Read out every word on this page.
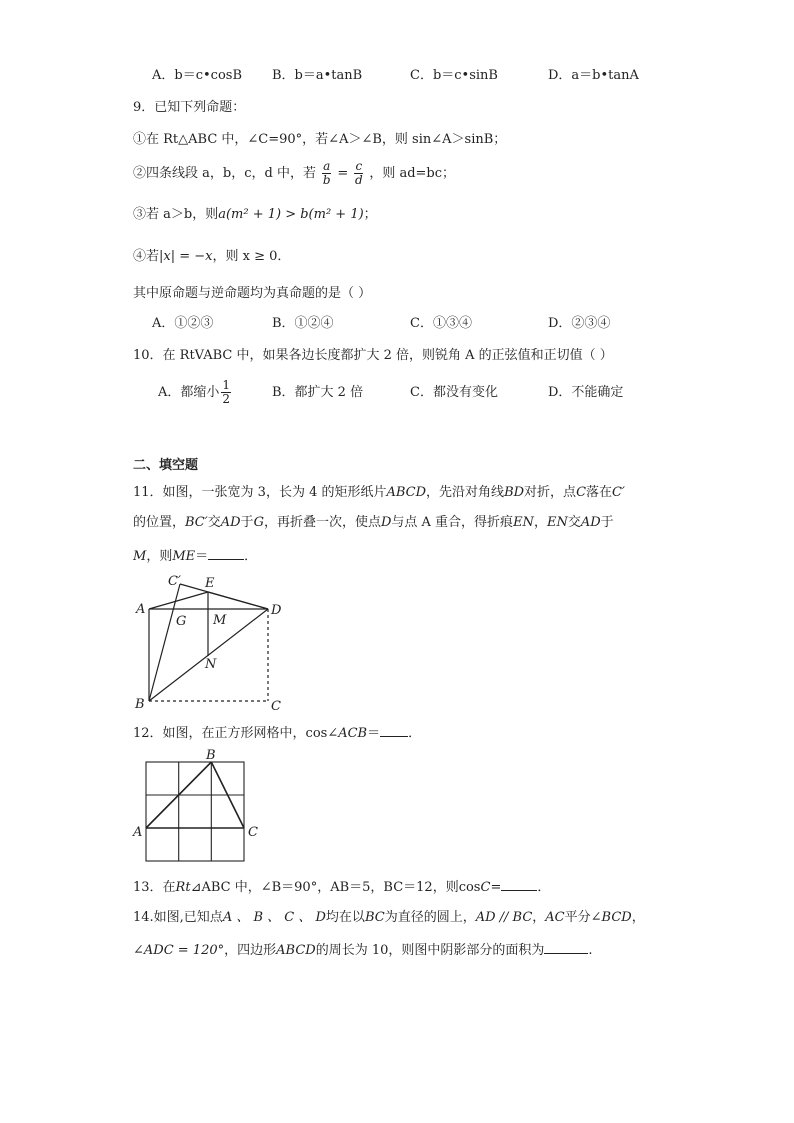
A．b＝c•cosB B．b＝a•tanB	C．b＝c•sinB	D．a＝b•tanA
9．已知下列命题：
①在 Rt△ABC 中，∠C=90°，若∠A＞∠B，则 sin∠A＞sinB；
②四条线段 a，b，c，d 中，若 $\frac{a}{b} = \frac{c}{d}$ ，则 ad=bc；
③若 a＞b，则a(m² + 1) > b(m² + 1)；
④若|x| = −x，则 x ≥ 0．
其中原命题与逆命题均为真命题的是（ ）
A．①②③	B．①②④	C．①③④	D．②③④
10．在 RtVABC 中，如果各边长度都扩大 2 倍，则锐角 A 的正弦值和正切值（ ）
A．都缩小 $\frac{1}{2}$	B．都扩大 2 倍	C．都没有变化	D．不能确定
二、填空题
11．如图，一张宽为 3，长为 4 的矩形纸片ABCD，先沿对角线BD对折，点C落在C′
的位置，BC′交AD于G，再折叠一次，使点D与点 A 重合，得折痕EN，EN交AD于
M，则ME＝	．
C′ E
A	D
G M
N
B	C
12．如图，在正方形网格中，cos∠ACB＝ ．
B
A	C
13．在Rt⊿ABC 中，∠B＝90°，AB＝5，BC＝12，则cosC=	．
14.如图,已知点A 、 B 、 C 、 D均在以BC为直径的圆上，AD // BC，AC平分∠BCD，
∠ADC = 120°，四边形ABCD的周长为 10，则图中阴影部分的面积为	.
